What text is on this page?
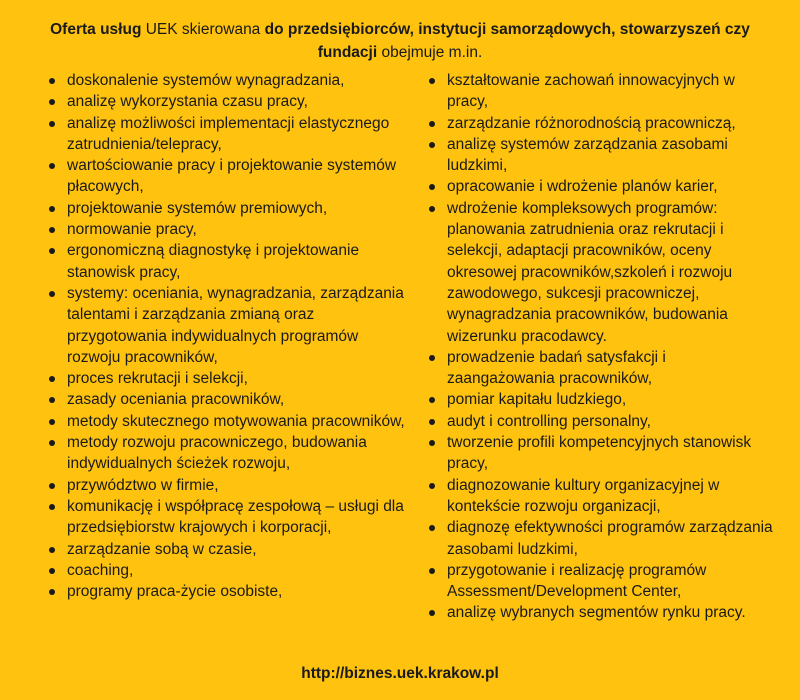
Oferta usług UEK skierowana do przedsiębiorców, instytucji samorządowych, stowarzyszeń czy fundacji obejmuje m.in.
doskonalenie systemów wynagradzania,
analizę wykorzystania czasu pracy,
analizę możliwości implementacji elastycznego zatrudnienia/telepracy,
wartościowanie pracy i projektowanie systemów płacowych,
projektowanie systemów premiowych,
normowanie pracy,
ergonomiczną diagnostykę i projektowanie stanowisk pracy,
systemy: oceniania, wynagradzania, zarządzania talentami i zarządzania zmianą oraz przygotowania indywidualnych programów rozwoju pracowników,
proces rekrutacji i selekcji,
zasady oceniania pracowników,
metody skutecznego motywowania pracowników,
metody rozwoju pracowniczego, budowania indywidualnych ścieżek rozwoju,
przywództwo w firmie,
komunikację i współpracę zespołową – usługi dla przedsiębiorstw krajowych i korporacji,
zarządzanie sobą w czasie,
coaching,
programy praca-życie osobiste,
kształtowanie zachowań innowacyjnych w pracy,
zarządzanie różnorodnością pracowniczą,
analizę systemów zarządzania zasobami ludzkimi,
opracowanie i wdrożenie planów karier,
wdrożenie kompleksowych programów: planowania zatrudnienia oraz rekrutacji i selekcji, adaptacji pracowników, oceny okresowej pracowników,szkoleń i rozwoju zawodowego, sukcesji pracowniczej, wynagradzania pracowników, budowania wizerunku pracodawcy.
prowadzenie badań satysfakcji i zaangażowania pracowników,
pomiar kapitału ludzkiego,
audyt i controlling personalny,
tworzenie profili kompetencyjnych stanowisk pracy,
diagnozowanie kultury organizacyjnej w kontekście rozwoju organizacji,
diagnozę efektywności programów zarządzania zasobami ludzkimi,
przygotowanie i realizację programów Assessment/Development Center,
analizę wybranych segmentów rynku pracy.
http://biznes.uek.krakow.pl
